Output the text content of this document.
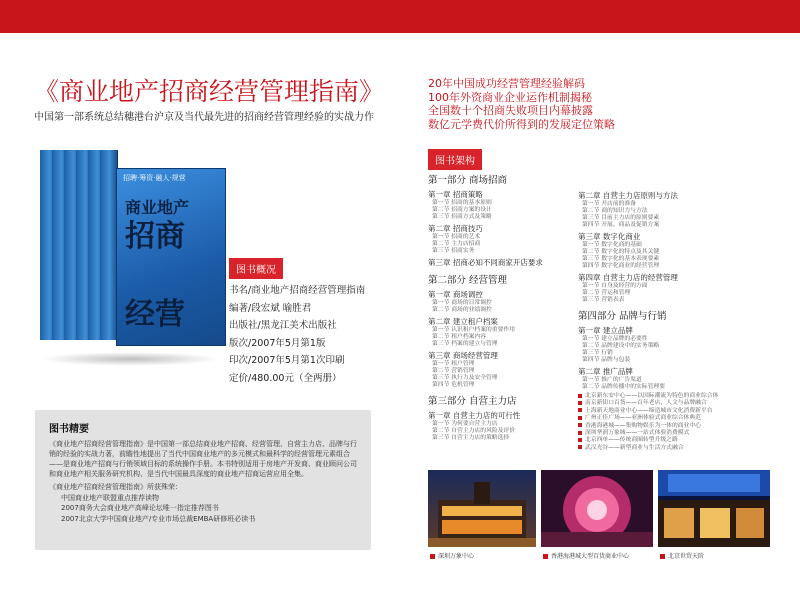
《商业地产招商经营管理指南》
中国第一部系统总结穗港台沪京及当代最先进的招商经营管理经验的实战力作
招聘·筹资·融人·规营
商业地产
招商
经营
图书概况
书名/商业地产招商经营管理指南
编著/段宏斌 喻胜君
出版社/黑龙江美术出版社
版次/2007年5月第1版
印次/2007年5月第1次印刷
定价/480.00元（全两册）
图书精要

《商业地产招商经营管理指南》是中国第一部总结商业地产招商、经营管理、自营主力店、品牌与行销的经验的实战力著，前瞻性地提出了当代中国商业地产的多元模式和最科学的经营管理元素组合——是商业地产招商与行销领域目标的系统操作手册。本书特别适用于房地产开发商、商业顾问公司和商业地产相关服务研究机构、是当代中国最具深度的商业地产招商运营应用全集。

《商业地产招商经营管理指南》所获殊荣：
中国商业地产联盟重点推荐读物
2007商务大会商业地产高峰论坛唯一指定推荐图书
2007北京大学中国商业地产/专业市场总裁EMBA研修班必读书
20年中国成功经营管理经验解码
100年外资商业企业运作机制揭秘
全国数十个招商失败项目内幕披露
数亿元学费代价所得到的发展定位策略
图书架构
第一部分 商场招商
第一章 招商策略
第一节 招商的基本原则
第二节 招商方案的设计
第三节 招商方式及策略
第二章 招商技巧
第一节 招商的艺术
第二节 主力店招商
第三节 招商实务
第三章 招商必知不同商家开店要求
第二部分 经营管理
第一章 商场调控
第一节 商场的日常调控
第二节 商场的业绩调控
第二章 建立租户档案
第一节 认识租户档案的重要作用
第二节 租户档案内容
第三节 档案的建立与管理
第三章 商场经营管理
第一节 租户管理
第二节 营销管理
第三节 执行力及安全管理
第四节 危机管理
第三部分 自营主力店
第一章 自营主力店的可行性
第一节 为何要自营主力店
第二节 自营主力店的风险及评价
第三节 自营主力店的策略选择
第二章 自营主力店原则与方法
第一节 开店前的准备
第二节 商的知识力与方法
第三节 目前主力店的原则要素
第四节 开展、商品及促销方案
第三章 数字化商业
第一节 数字化商的基础
第二节 数字化的特点及其关键
第三节 数字化的基本表现要素
第四节 数字化商业的经营管理
第四章 自营主力店的经营管理
第一节 自身及经营的方面
第二节 营运和管理
第三节 营销表表
第四部分 品牌与行销
第一章 建立品牌
第一节 建立品牌的必要性
第二节 品牌建设中的实务策略
第三节 行销
第四节 品牌与包装
第二章 推广品牌
第一节 推广的广告渠道
第二节 品牌传播中的实际管理要
北京新东安中心——以国际潮流为特色的商业综合体
南京新街口百货——百年老店，人文与品牌融合
上海新天地商业中心——缔造城市文化消费新平台
广州正佳广场——亚洲体验式商业综合体典范
香港海港城——集购物娱乐为一体的商业中心
深圳华润万象城——一站式体验消费模式
北京西单——传统商圈转型升级之路
武汉光谷——新型商业与生活方式融合
深圳万象中心	香港海港城大型百货商业中心	北京世贸天阶
